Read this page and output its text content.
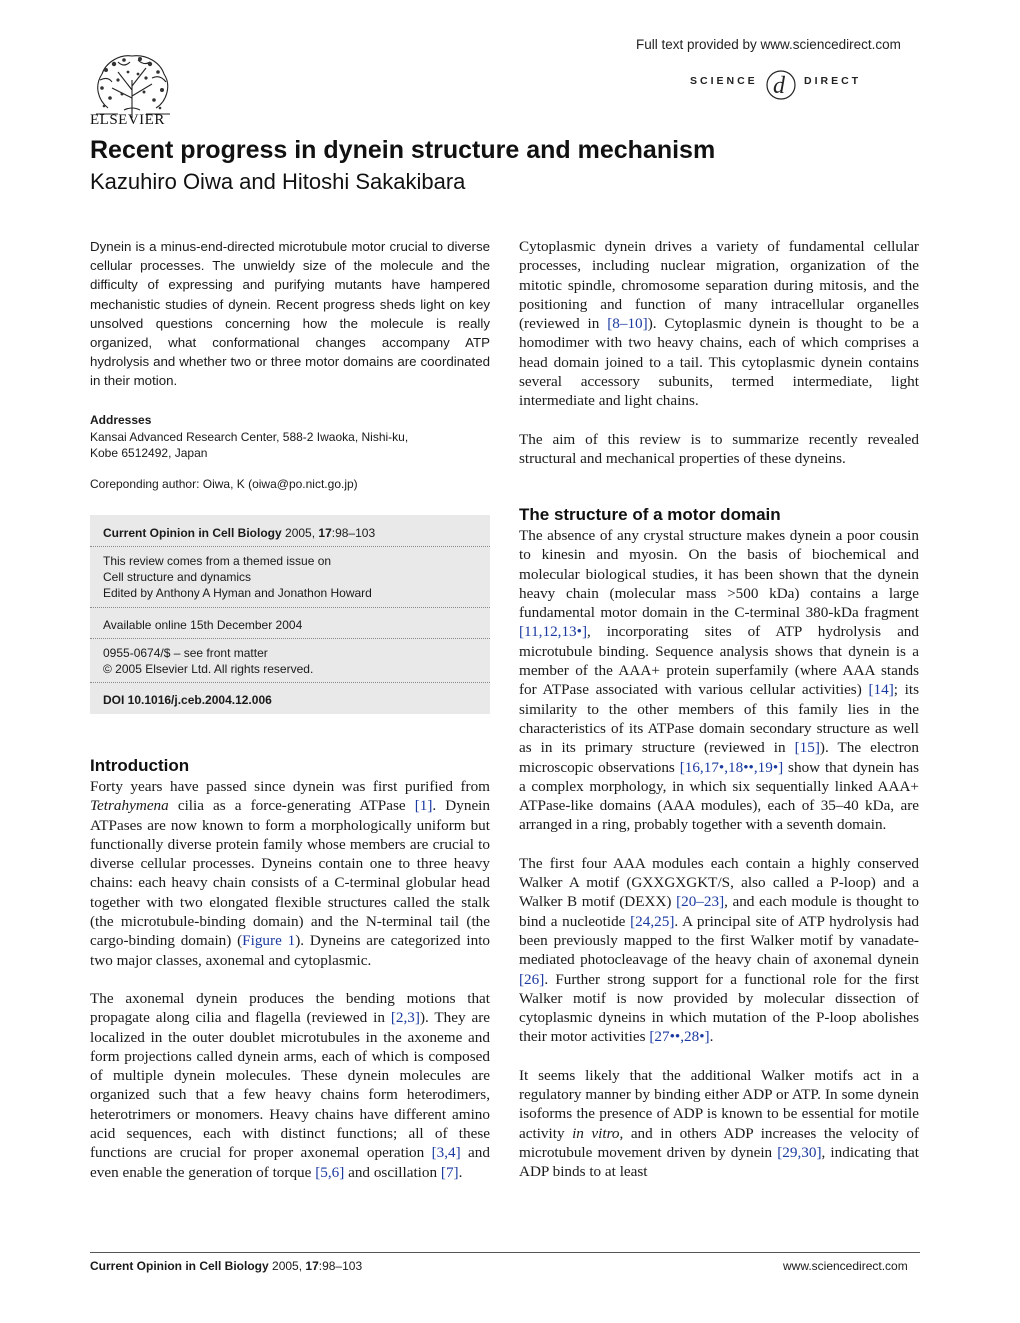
ELSEVIER
Full text provided by www.sciencedirect.com
SCIENCE d DIRECT
Recent progress in dynein structure and mechanism
Kazuhiro Oiwa and Hitoshi Sakakibara
Dynein is a minus-end-directed microtubule motor crucial to diverse cellular processes. The unwieldy size of the molecule and the difficulty of expressing and purifying mutants have hampered mechanistic studies of dynein. Recent progress sheds light on key unsolved questions concerning how the molecule is really organized, what conformational changes accompany ATP hydrolysis and whether two or three motor domains are coordinated in their motion.
Addresses
Kansai Advanced Research Center, 588-2 Iwaoka, Nishi-ku,
Kobe 6512492, Japan
Coreponding author: Oiwa, K (oiwa@po.nict.go.jp)
Current Opinion in Cell Biology 2005, 17:98–103
This review comes from a themed issue on
Cell structure and dynamics
Edited by Anthony A Hyman and Jonathon Howard
Available online 15th December 2004
0955-0674/$ – see front matter
© 2005 Elsevier Ltd. All rights reserved.
DOI 10.1016/j.ceb.2004.12.006
Introduction

Forty years have passed since dynein was first purified from Tetrahymena cilia as a force-generating ATPase [1]. Dynein ATPases are now known to form a morphologically uniform but functionally diverse protein family whose members are crucial to diverse cellular processes. Dyneins contain one to three heavy chains: each heavy chain consists of a C-terminal globular head together with two elongated flexible structures called the stalk (the microtubule-binding domain) and the N-terminal tail (the cargo-binding domain) (Figure 1). Dyneins are categorized into two major classes, axonemal and cytoplasmic.

The axonemal dynein produces the bending motions that propagate along cilia and flagella (reviewed in [2,3]). They are localized in the outer doublet microtubules in the axoneme and form projections called dynein arms, each of which is composed of multiple dynein molecules. These dynein molecules are organized such that a few heavy chains form heterodimers, heterotrimers or monomers. Heavy chains have different amino acid sequences, each with distinct functions; all of these functions are crucial for proper axonemal operation [3,4] and even enable the generation of torque [5,6] and oscillation [7].

Cytoplasmic dynein drives a variety of fundamental cellular processes, including nuclear migration, organization of the mitotic spindle, chromosome separation during mitosis, and the positioning and function of many intracellular organelles (reviewed in [8–10]). Cytoplasmic dynein is thought to be a homodimer with two heavy chains, each of which comprises a head domain joined to a tail. This cytoplasmic dynein contains several accessory subunits, termed intermediate, light intermediate and light chains.

The aim of this review is to summarize recently revealed structural and mechanical properties of these dyneins.

The structure of a motor domain

The absence of any crystal structure makes dynein a poor cousin to kinesin and myosin. On the basis of biochemical and molecular biological studies, it has been shown that the dynein heavy chain (molecular mass >500 kDa) contains a large fundamental motor domain in the C-terminal 380-kDa fragment [11,12,13•], incorporating sites of ATP hydrolysis and microtubule binding. Sequence analysis shows that dynein is a member of the AAA+ protein superfamily (where AAA stands for ATPase associated with various cellular activities) [14]; its similarity to the other members of this family lies in the characteristics of its ATPase domain secondary structure as well as in its primary structure (reviewed in [15]). The electron microscopic observations [16,17•,18••,19•] show that dynein has a complex morphology, in which six sequentially linked AAA+ ATPase-like domains (AAA modules), each of 35–40 kDa, are arranged in a ring, probably together with a seventh domain.

The first four AAA modules each contain a highly conserved Walker A motif (GXXGXGKT/S, also called a P-loop) and a Walker B motif (DEXX) [20–23], and each module is thought to bind a nucleotide [24,25]. A principal site of ATP hydrolysis had been previously mapped to the first Walker motif by vanadate-mediated photocleavage of the heavy chain of axonemal dynein [26]. Further strong support for a functional role for the first Walker motif is now provided by molecular dissection of cytoplasmic dyneins in which mutation of the P-loop abolishes their motor activities [27••,28•].

It seems likely that the additional Walker motifs act in a regulatory manner by binding either ADP or ATP. In some dynein isoforms the presence of ADP is known to be essential for motile activity in vitro, and in others ADP increases the velocity of microtubule movement driven by dynein [29,30], indicating that ADP binds to at least

Current Opinion in Cell Biology 2005, 17:98–103	www.sciencedirect.com
